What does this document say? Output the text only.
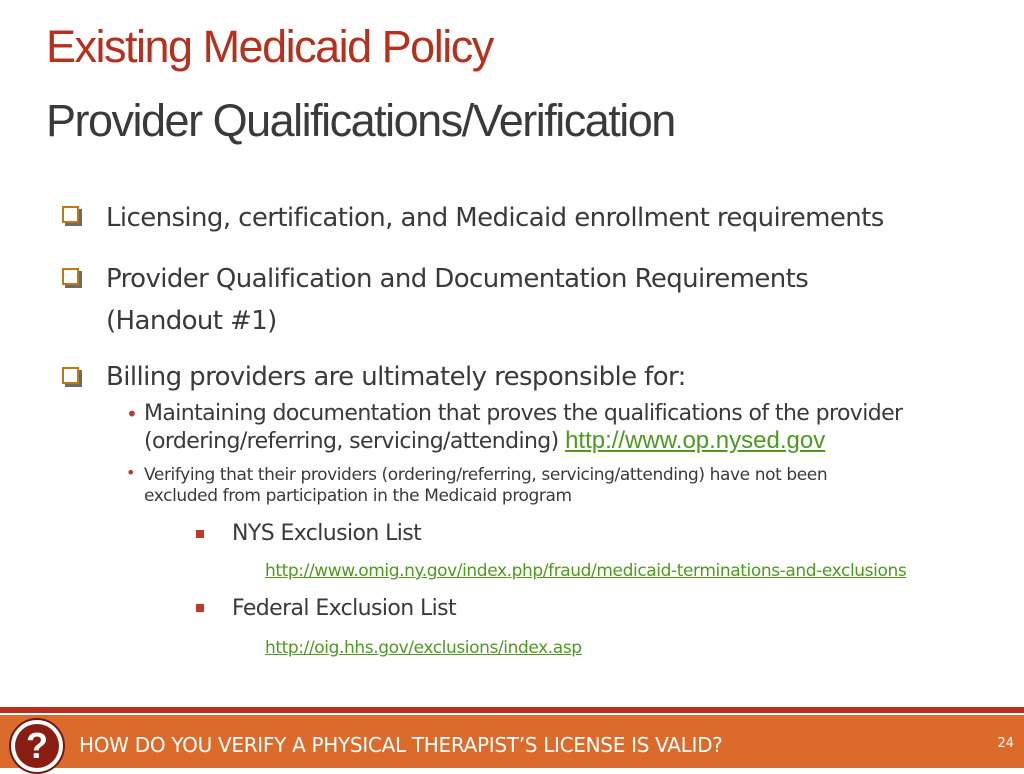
Existing Medicaid Policy
Provider Qualifications/Verification
Licensing, certification, and Medicaid enrollment requirements
Provider Qualification and Documentation Requirements
(Handout #1)
Billing providers are ultimately responsible for:
• Maintaining documentation that proves the qualifications of the provider
(ordering/referring, servicing/attending) http://www.op.nysed.gov
• Verifying that their providers (ordering/referring, servicing/attending) have not been
excluded from participation in the Medicaid program
NYS Exclusion List
http://www.omig.ny.gov/index.php/fraud/medicaid-terminations-and-exclusions
Federal Exclusion List
http://oig.hhs.gov/exclusions/index.asp
?	HOW DO YOU VERIFY A PHYSICAL THERAPIST’S LICENSE IS VALID?	24
